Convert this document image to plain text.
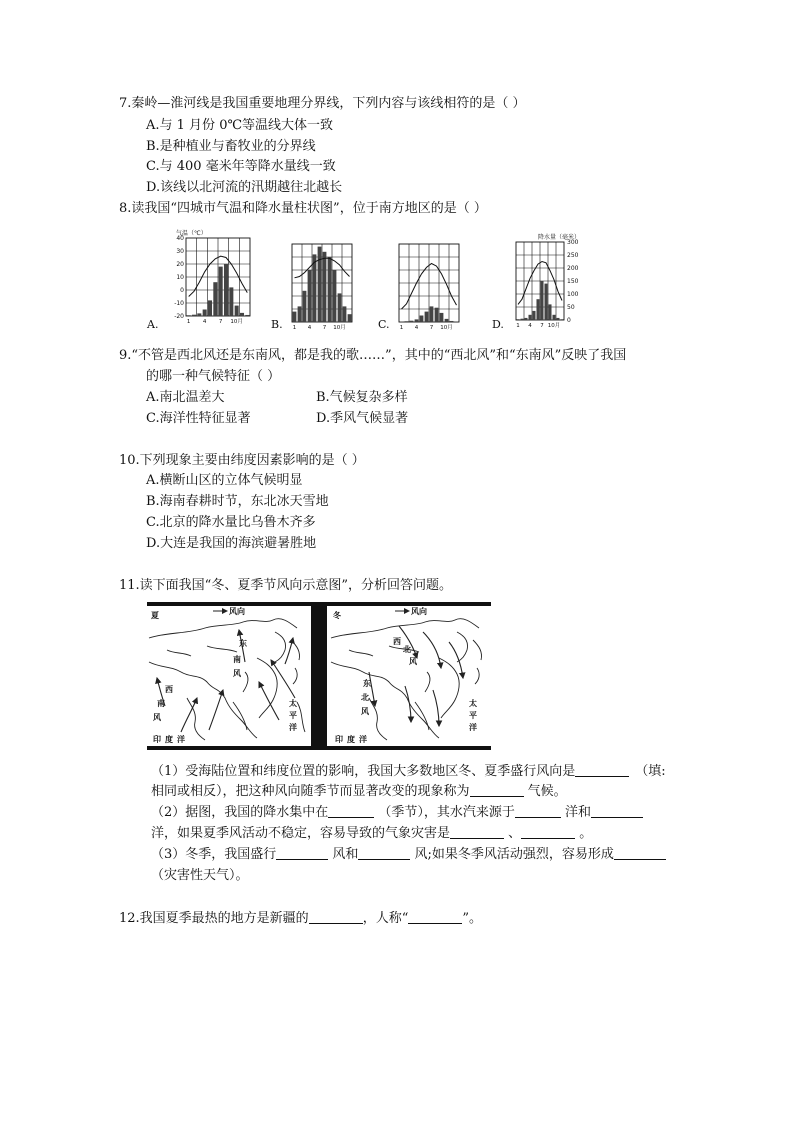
7.秦岭—淮河线是我国重要地理分界线，下列内容与该线相符的是（ ）
A.与 1 月份 0℃等温线大体一致
B.是种植业与畜牧业的分界线
C.与 400 毫米年等降水量线一致
D.该线以北河流的汛期越往北越长
8.读我国“四城市气温和降水量柱状图”，位于南方地区的是（ ）
1 4 7 10月
40
30
20
10
0
-10
-20
气温（℃）
1 4 7 10月	1 4 7 10月	1 4 7 10月
300
250
200
150
100
50
0
降水量（毫米）
A.	B.	C.	D.
9.“不管是西北风还是东南风，都是我的歌……”，其中的“西北风”和“东南风”反映了我国
的哪一种气候特征（ ）
A.南北温差大	B.气候复杂多样
C.海洋性特征显著	D.季风气候显著
10.下列现象主要由纬度因素影响的是（ ）
A.横断山区的立体气候明显
B.海南春耕时节，东北冰天雪地
C.北京的降水量比乌鲁木齐多
D.大连是我国的海滨避暑胜地
11.读下面我国“冬、夏季节风向示意图”，分析回答问题。
夏	风向
东
南
风
西
南
风
太
平
洋
印 度 洋
冬	风向
西
北
风
东
北
风
太
平
洋
印 度 洋
（1）受海陆位置和纬度位置的影响，我国大多数地区冬、夏季盛行风向是	（填:
相同或相反），把这种风向随季节而显著改变的现象称为	气候。
（2）据图，我国的降水集中在	（季节），其水汽来源于	洋和
洋，如果夏季风活动不稳定，容易导致的气象灾害是	、	。
（3）冬季，我国盛行	风和	风;如果冬季风活动强烈，容易形成
（灾害性天气）。
12.我国夏季最热的地方是新疆的	，人称“	”。
